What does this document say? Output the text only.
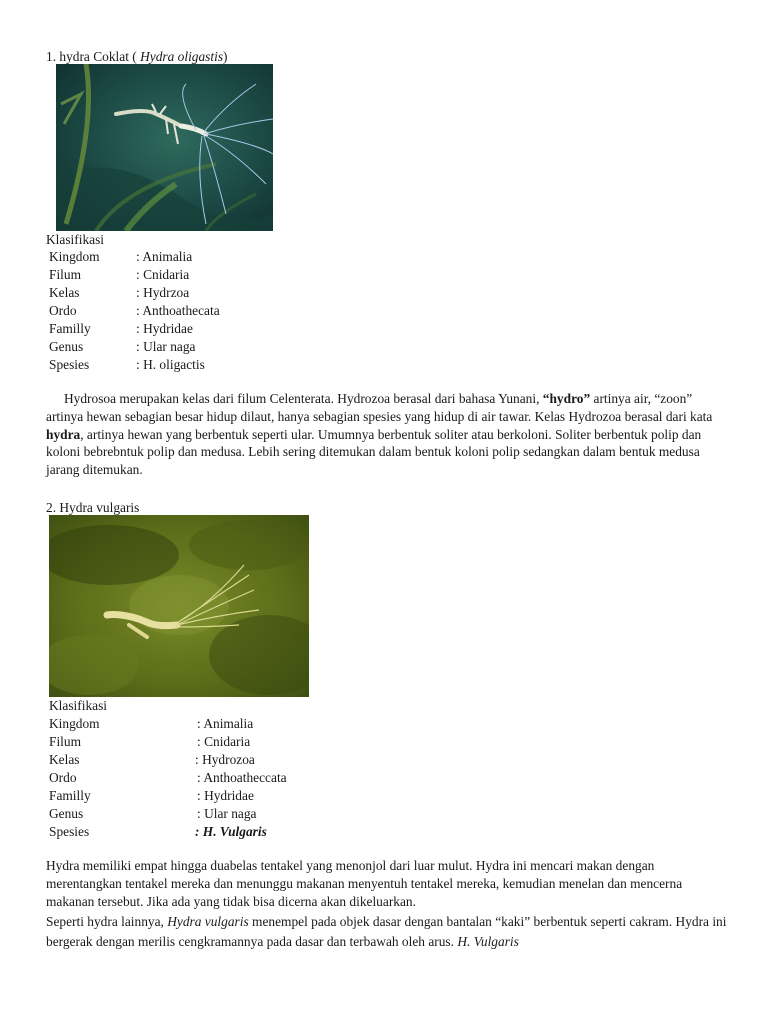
1. hydra Coklat ( Hydra oligastis)
Klasifikasi
Kingdom	: Animalia
Filum	: Cnidaria
Kelas	: Hydrzoa
Ordo	: Anthoathecata
Familly	: Hydridae
Genus	: Ular naga
Spesies	: H. oligactis
Hydrosoa merupakan kelas dari filum Celenterata. Hydrozoa berasal dari bahasa Yunani, “hydro” artinya air, “zoon” artinya hewan sebagian besar hidup dilaut, hanya sebagian spesies yang hidup di air tawar. Kelas Hydrozoa berasal dari kata hydra, artinya hewan yang berbentuk seperti ular. Umumnya berbentuk soliter atau berkoloni. Soliter berbentuk polip dan koloni bebrebntuk polip dan medusa. Lebih sering ditemukan dalam bentuk koloni polip sedangkan dalam bentuk medusa jarang ditemukan.
2. Hydra vulgaris
Klasifikasi
Kingdom	: Animalia
Filum	: Cnidaria
Kelas	: Hydrozoa
Ordo	: Anthoatheccata
Familly	: Hydridae
Genus	: Ular naga
Spesies	: H. Vulgaris
Hydra memiliki empat hingga duabelas tentakel yang menonjol dari luar mulut. Hydra ini mencari makan dengan merentangkan tentakel mereka dan menunggu makanan menyentuh tentakel mereka, kemudian menelan dan mencerna makanan tersebut. Jika ada yang tidak bisa dicerna akan dikeluarkan.
Seperti hydra lainnya, Hydra vulgaris menempel pada objek dasar dengan bantalan “kaki” berbentuk seperti cakram. Hydra ini bergerak dengan merilis cengkramannya pada dasar dan terbawah oleh arus. H. Vulgaris
